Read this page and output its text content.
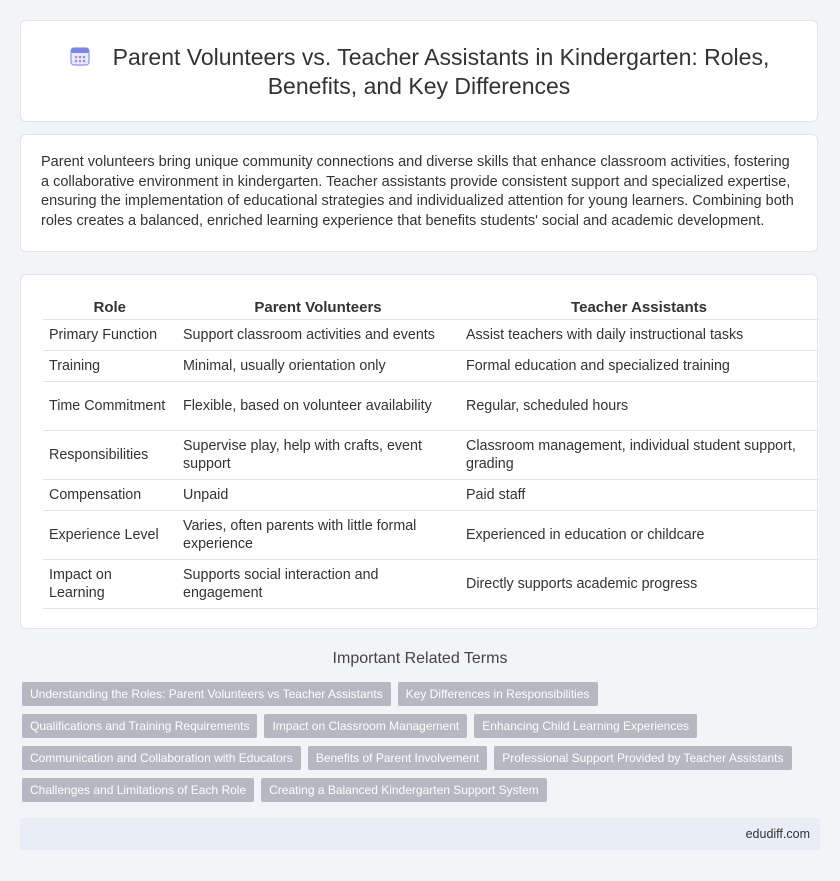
Parent Volunteers vs. Teacher Assistants in Kindergarten: Roles, Benefits, and Key Differences

Parent volunteers bring unique community connections and diverse skills that enhance classroom activities, fostering a collaborative environment in kindergarten. Teacher assistants provide consistent support and specialized expertise, ensuring the implementation of educational strategies and individualized attention for young learners. Combining both roles creates a balanced, enriched learning experience that benefits students' social and academic development.

Role	Parent Volunteers	Teacher Assistants
Primary Function	Support classroom activities and events	Assist teachers with daily instructional tasks
Training	Minimal, usually orientation only	Formal education and specialized training
Time Commitment	Flexible, based on volunteer availability	Regular, scheduled hours
Responsibilities	Supervise play, help with crafts, event support	Classroom management, individual student support, grading
Compensation	Unpaid	Paid staff
Experience Level	Varies, often parents with little formal experience	Experienced in education or childcare
Impact on Learning	Supports social interaction and engagement	Directly supports academic progress
Important Related Terms
Understanding the Roles: Parent Volunteers vs Teacher Assistants	Key Differences in Responsibilities
Qualifications and Training Requirements	Impact on Classroom Management	Enhancing Child Learning Experiences
Communication and Collaboration with Educators	Benefits of Parent Involvement	Professional Support Provided by Teacher Assistants
Challenges and Limitations of Each Role	Creating a Balanced Kindergarten Support System
edudiff.com
